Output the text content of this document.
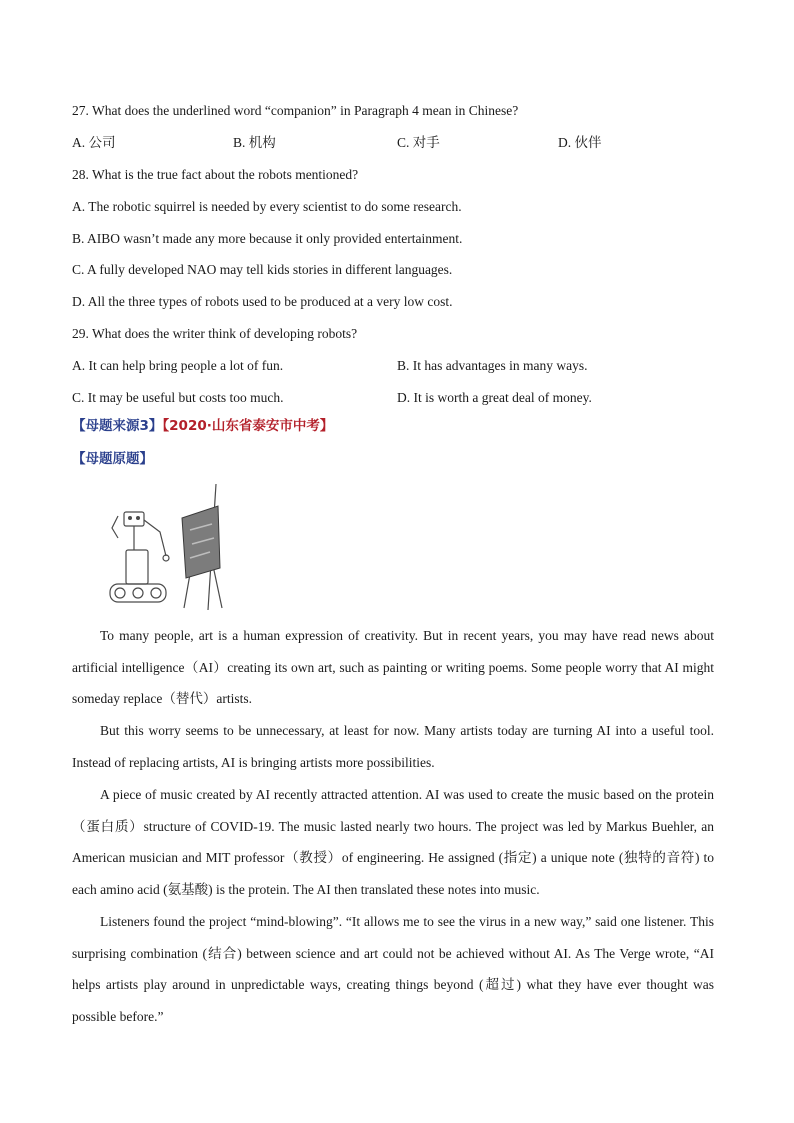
27. What does the underlined word “companion” in Paragraph 4 mean in Chinese?
A. 公司	B. 机构	C. 对手	D. 伙伴
28. What is the true fact about the robots mentioned?
A. The robotic squirrel is needed by every scientist to do some research.
B. AIBO wasn’t made any more because it only provided entertainment.
C. A fully developed NAO may tell kids stories in different languages.
D. All the three types of robots used to be produced at a very low cost.
29. What does the writer think of developing robots?
A. It can help bring people a lot of fun.	B. It has advantages in many ways.
C. It may be useful but costs too much.	D. It is worth a great deal of money.
【母题来源3】【2020·山东省泰安市中考】
【母题原题】

To many people, art is a human expression of creativity. But in recent years, you may have read news about artificial intelligence（AI）creating its own art, such as painting or writing poems. Some people worry that AI might someday replace（替代）artists.

But this worry seems to be unnecessary, at least for now. Many artists today are turning AI into a useful tool. Instead of replacing artists, AI is bringing artists more possibilities.

A piece of music created by AI recently attracted attention. AI was used to create the music based on the protein（蛋白质）structure of COVID-19. The music lasted nearly two hours. The project was led by Markus Buehler, an American musician and MIT professor（教授）of engineering. He assigned (指定) a unique note (独特的音符) to each amino acid (氨基酸) is the protein. The AI then translated these notes into music.

Listeners found the project “mind-blowing”. “It allows me to see the virus in a new way,” said one listener. This surprising combination (结合) between science and art could not be achieved without AI. As The Verge wrote, “AI helps artists play around in unpredictable ways, creating things beyond (超过) what they have ever thought was possible before.”
